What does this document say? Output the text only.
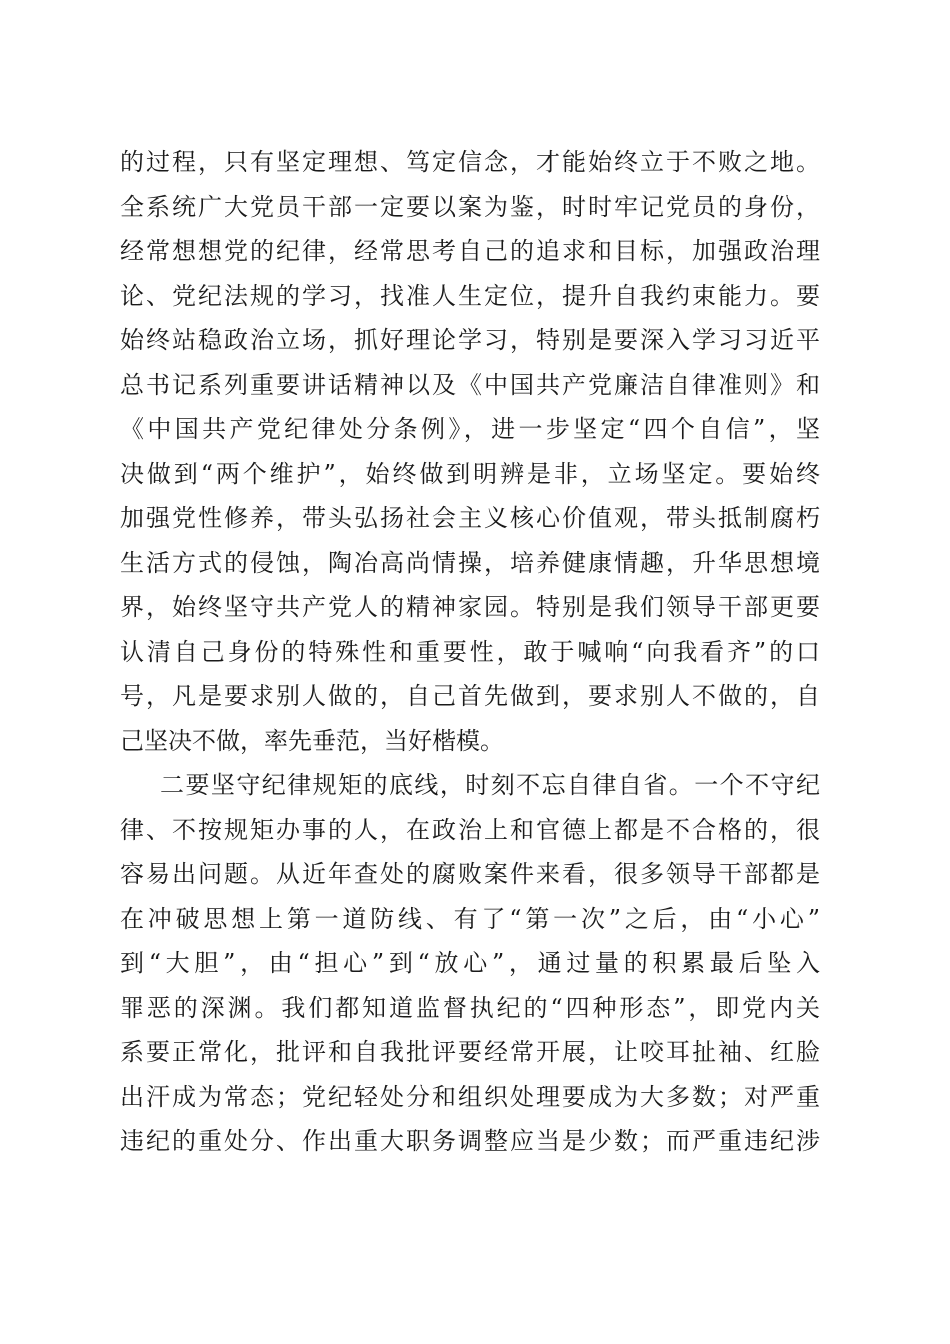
的过程，只有坚定理想、笃定信念，才能始终立于不败之地。
全系统广大党员干部一定要以案为鉴，时时牢记党员的身份，
经常想想党的纪律，经常思考自己的追求和目标，加强政治理
论、党纪法规的学习，找准人生定位，提升自我约束能力。要
始终站稳政治立场，抓好理论学习，特别是要深入学习习近平
总书记系列重要讲话精神以及《中国共产党廉洁自律准则》和
《中国共产党纪律处分条例》，进一步坚定“四个自信”，坚
决做到“两个维护”，始终做到明辨是非，立场坚定。要始终
加强党性修养，带头弘扬社会主义核心价值观，带头抵制腐朽
生活方式的侵蚀，陶冶高尚情操，培养健康情趣，升华思想境
界，始终坚守共产党人的精神家园。特别是我们领导干部更要
认清自己身份的特殊性和重要性，敢于喊响“向我看齐”的口
号，凡是要求别人做的，自己首先做到，要求别人不做的，自
己坚决不做，率先垂范，当好楷模。
二要坚守纪律规矩的底线，时刻不忘自律自省。一个不守纪
律、不按规矩办事的人，在政治上和官德上都是不合格的，很
容易出问题。从近年查处的腐败案件来看，很多领导干部都是
在冲破思想上第一道防线、有了“第一次”之后，由“小心”
到“大胆”，由“担心”到“放心”，通过量的积累最后坠入
罪恶的深渊。我们都知道监督执纪的“四种形态”，即党内关
系要正常化，批评和自我批评要经常开展，让咬耳扯袖、红脸
出汗成为常态；党纪轻处分和组织处理要成为大多数；对严重
违纪的重处分、作出重大职务调整应当是少数；而严重违纪涉
